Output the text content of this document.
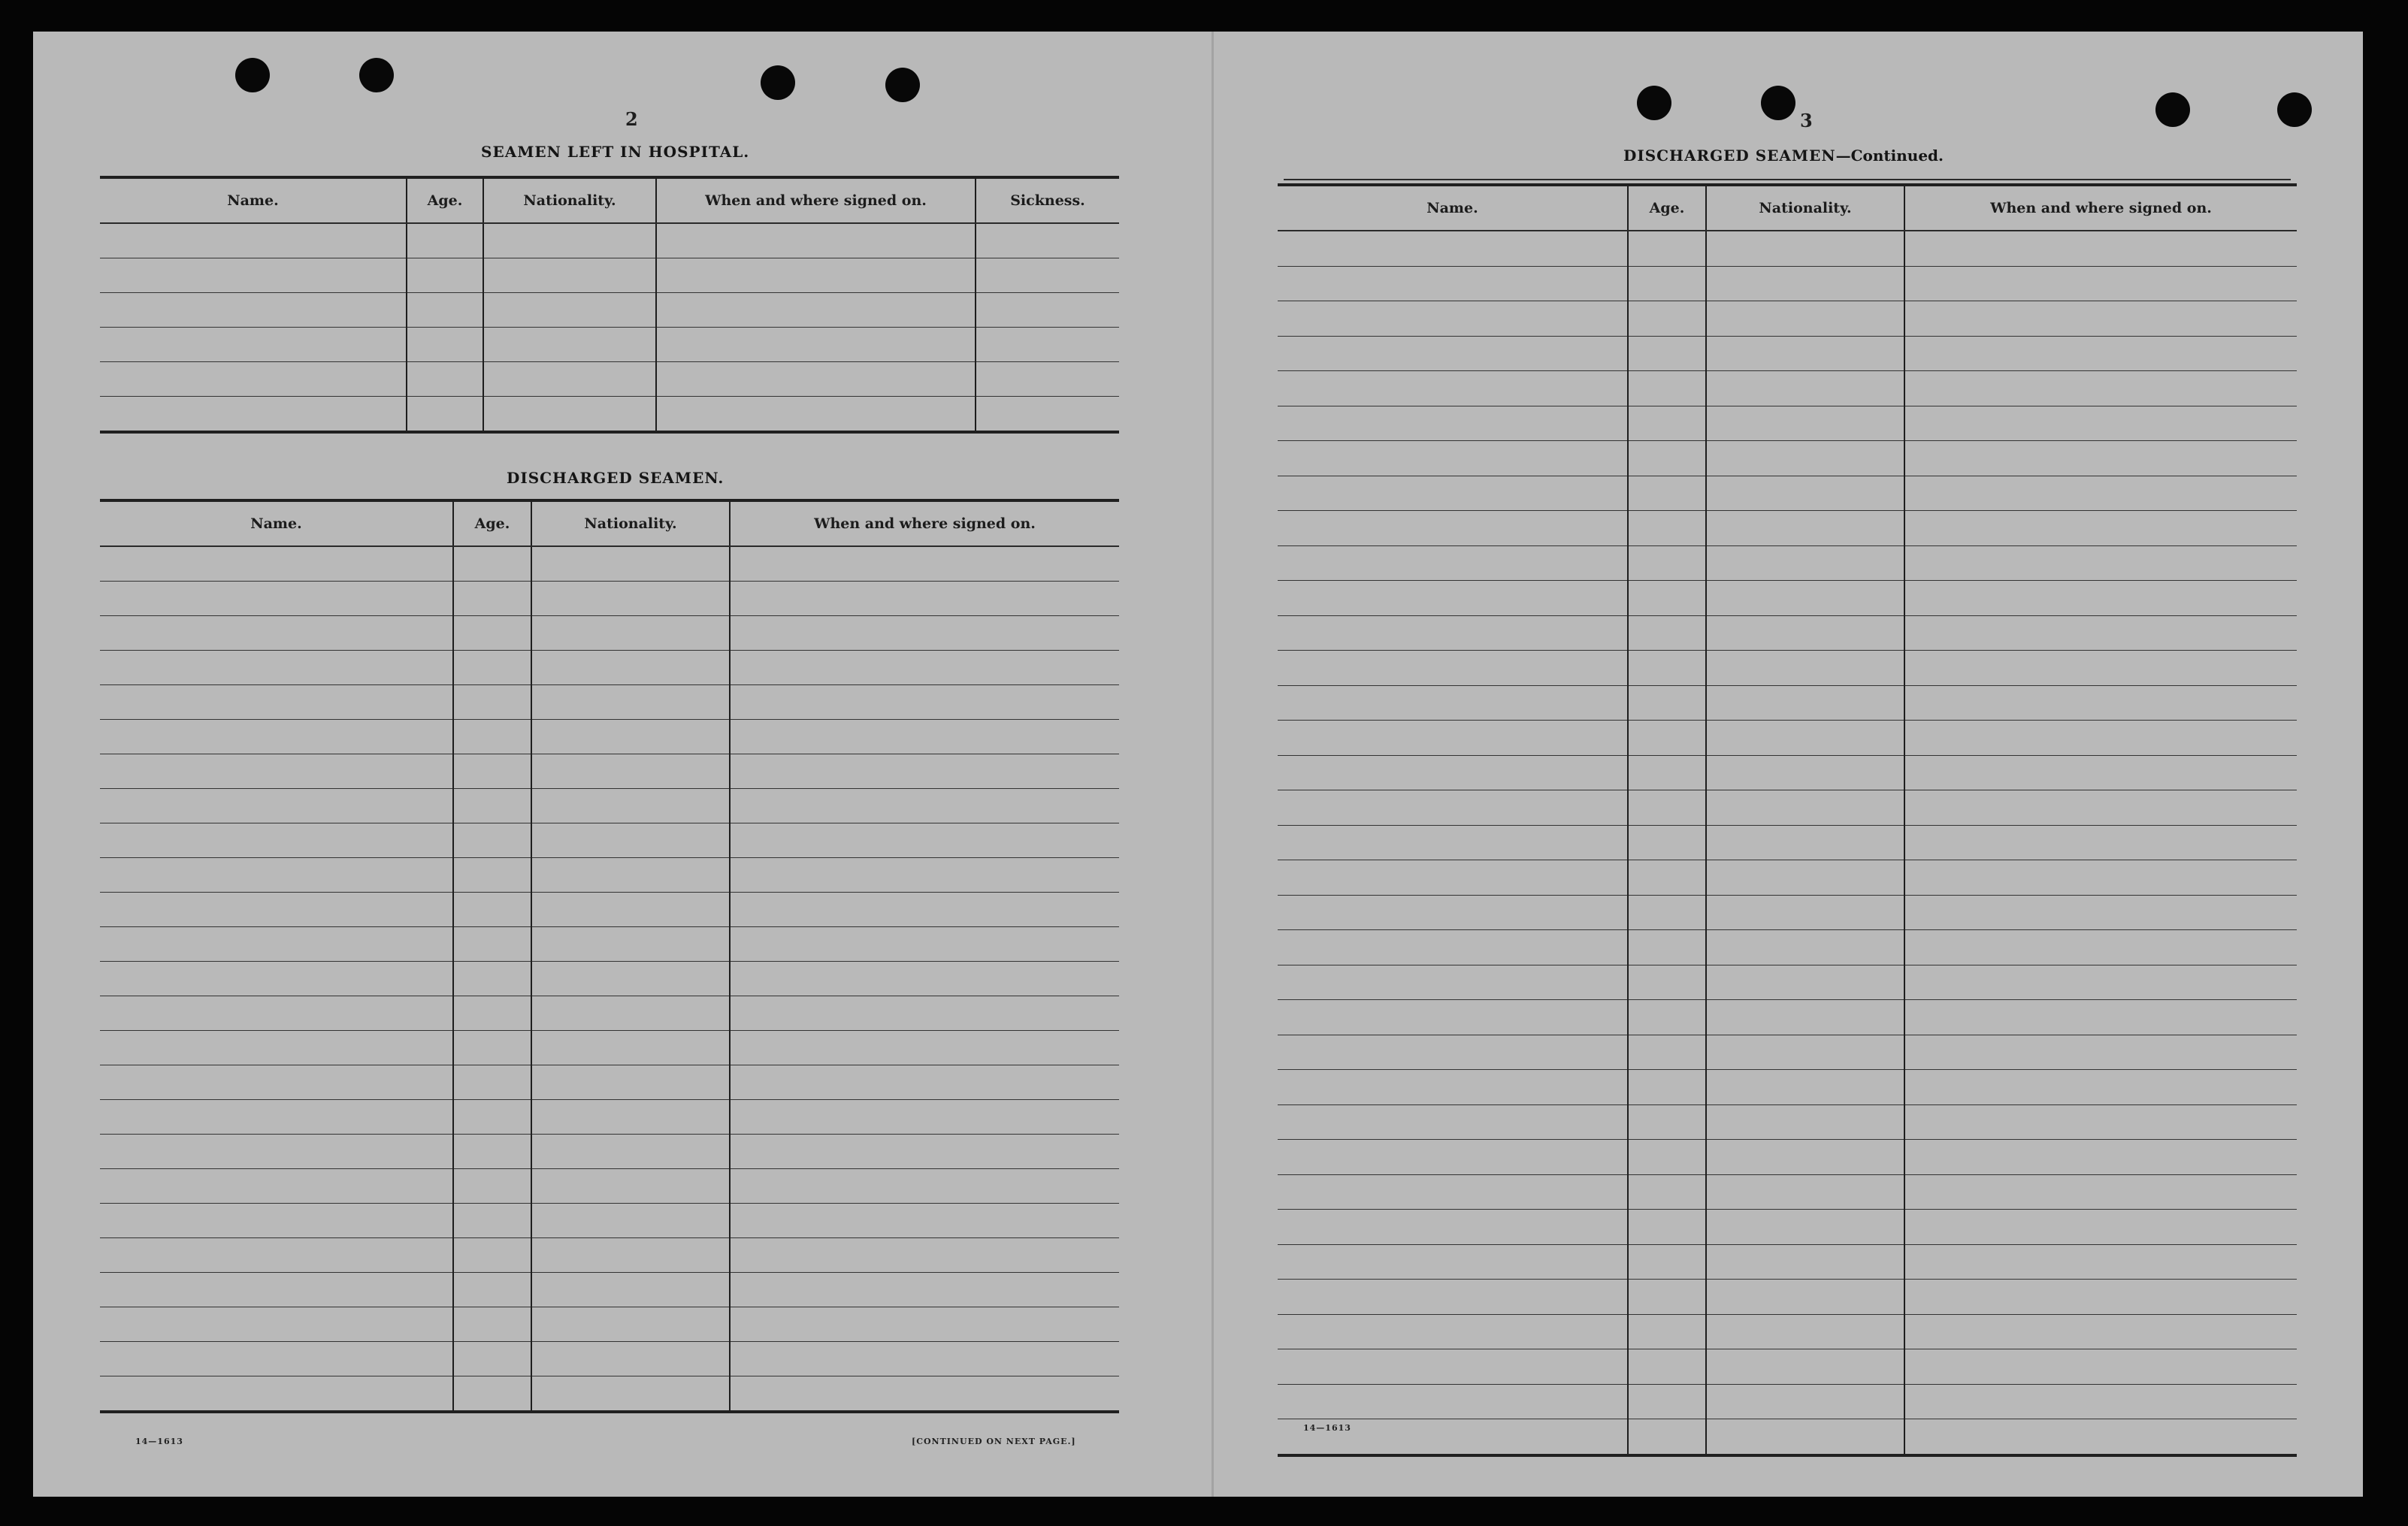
2
SEAMEN LEFT IN HOSPITAL.
Name.	Age.	Nationality.	When and where signed on.	Sickness.

DISCHARGED SEAMEN.
Name.	Age.	Nationality.	When and where signed on.

14—1613	[CONTINUED ON NEXT PAGE.]
3
DISCHARGED SEAMEN—Continued.
Name.	Age.	Nationality.	When and where signed on.

14—1613
